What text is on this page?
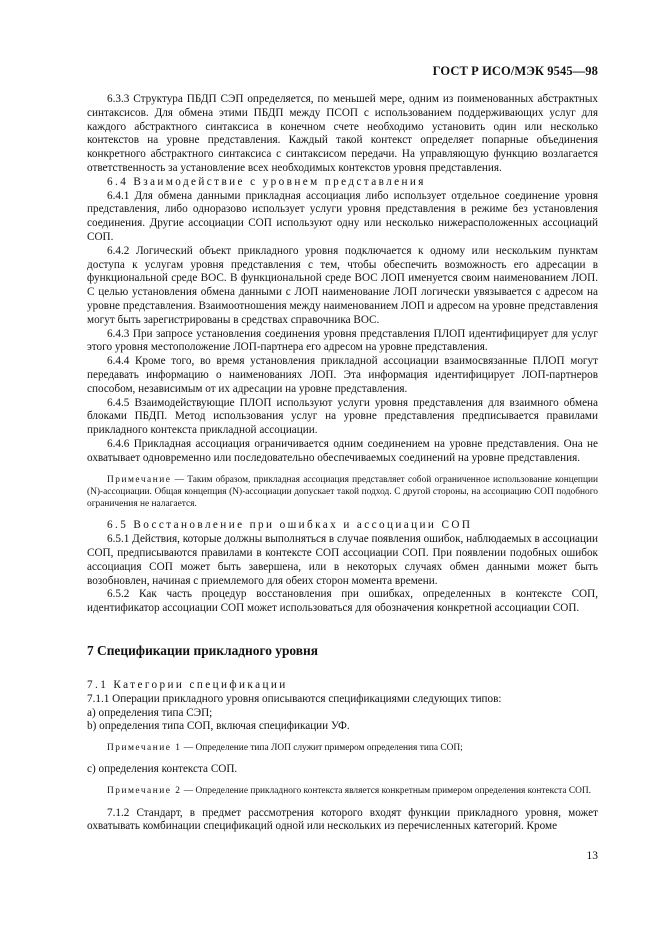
ГОСТ Р ИСО/МЭК 9545—98

6.3.3 Структура ПБДП СЭП определяется, по меньшей мере, одним из поименованных абстрактных синтаксисов. Для обмена этими ПБДП между ПСОП с использованием поддерживающих услуг для каждого абстрактного синтаксиса в конечном счете необходимо установить один или несколько контекстов на уровне представления. Каждый такой контекст определяет попарные объединения конкретного абстрактного синтаксиса с синтаксисом передачи. На управляющую функцию возлагается ответственность за установление всех необходимых контекстов уровня представления.

6.4 Взаимодействие с уровнем представления

6.4.1 Для обмена данными прикладная ассоциация либо использует отдельное соединение уровня представления, либо одноразово использует услуги уровня представления в режиме без установления соединения. Другие ассоциации СОП используют одну или несколько нижерасположенных ассоциаций СОП.

6.4.2 Логический объект прикладного уровня подключается к одному или нескольким пунктам доступа к услугам уровня представления с тем, чтобы обеспечить возможность его адресации в функциональной среде ВОС. В функциональной среде ВОС ЛОП именуется своим наименованием ЛОП. С целью установления обмена данными с ЛОП наименование ЛОП логически увязывается с адресом на уровне представления. Взаимоотношения между наименованием ЛОП и адресом на уровне представления могут быть зарегистрированы в средствах справочника ВОС.

6.4.3 При запросе установления соединения уровня представления ПЛОП идентифицирует для услуг этого уровня местоположение ЛОП-партнера его адресом на уровне представления.

6.4.4 Кроме того, во время установления прикладной ассоциации взаимосвязанные ПЛОП могут передавать информацию о наименованиях ЛОП. Эта информация идентифицирует ЛОП-партнеров способом, независимым от их адресации на уровне представления.

6.4.5 Взаимодействующие ПЛОП используют услуги уровня представления для взаимного обмена блоками ПБДП. Метод использования услуг на уровне представления предписывается правилами прикладного контекста прикладной ассоциации.

6.4.6 Прикладная ассоциация ограничивается одним соединением на уровне представления. Она не охватывает одновременно или последовательно обеспечиваемых соединений на уровне представления.

Примечание — Таким образом, прикладная ассоциация представляет собой ограниченное использование концепции (N)-ассоциации. Общая концепция (N)-ассоциации допускает такой подход. С другой стороны, на ассоциацию СОП подобного ограничения не налагается.

6.5 Восстановление при ошибках и ассоциации СОП

6.5.1 Действия, которые должны выполняться в случае появления ошибок, наблюдаемых в ассоциации СОП, предписываются правилами в контексте СОП ассоциации СОП. При появлении подобных ошибок ассоциация СОП может быть завершена, или в некоторых случаях обмен данными может быть возобновлен, начиная с приемлемого для обеих сторон момента времени.

6.5.2 Как часть процедур восстановления при ошибках, определенных в контексте СОП, идентификатор ассоциации СОП может использоваться для обозначения конкретной ассоциации СОП.

7 Спецификации прикладного уровня

7.1 Категории спецификации

7.1.1 Операции прикладного уровня описываются спецификациями следующих типов:

а) определения типа СЭП;

b) определения типа СОП, включая спецификации УФ.

Примечание 1 — Определение типа ЛОП служит примером определения типа СОП;

с) определения контекста СОП.

Примечание 2 — Определение прикладного контекста является конкретным примером определения контекста СОП.

7.1.2 Стандарт, в предмет рассмотрения которого входят функции прикладного уровня, может охватывать комбинации спецификаций одной или нескольких из перечисленных категорий. Кроме

13
